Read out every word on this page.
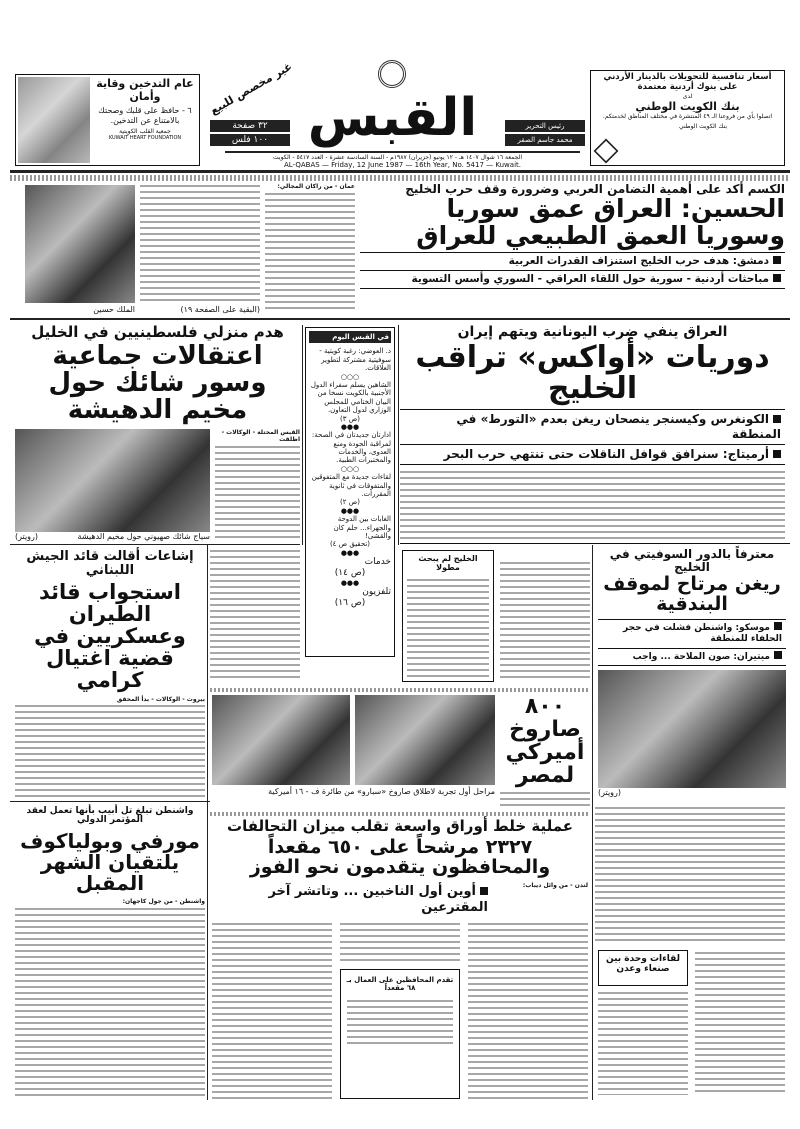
عام التدخين وقاية وأمان
٦ - حافظ على قلبك وصحتك بالامتناع عن التدخين.
جمعية القلب الكويتية
KUWAIT HEART FOUNDATION
٣٢ صفحة
١٠٠ فلس
غير مخصص للبيع القبس	رئيس التحرير
محمد جاسم الصقر
الجمعة ١٦ شوال ١٤٠٧ هـ - ١٢ يونيو (حزيران) ١٩٨٧م - السنة السادسة عشرة - العدد ٥٤١٧ - الكويت
AL-QABAS — Friday, 12 June 1987 — 16th Year, No. 5417 — Kuwait.
أسعار تنافسية للتحويلات بالدينار الأردني
على بنوك أردنية معتمدة
لدى
بنك الكويت الوطني
اتصلوا بأي من فروعنا الـ ٤٩ المنتشرة في مختلف المناطق لخدمتكم.
بنك الكويت الوطني
الكسم أكد على أهمية التضامن العربي وضرورة وقف حرب الخليج
الحسين: العراق عمق سوريا وسوريا العمق الطبيعي للعراق
دمشق: هدف حرب الخليج استنزاف القدرات العربية
مباحثات أردنية - سورية حول اللقاء العراقي - السوري وأسس التسوية
عمان - من راكان المجالي:
الملك حسين	(البقية على الصفحة ١٩)
العراق ينفي ضرب اليونانية ويتهم إيران
دوريات «أواكس» تراقب الخليج
الكونغرس وكيسنجر ينصحان ريغن بعدم «التورط» في المنطقة
أرميتاج: سنرافق قوافل الناقلات حتى تنتهي حرب البحر
في القبس اليوم
د. العوضي: رغبة كويتية - سوفيتية مشتركة لتطوير العلاقات.
○○○
الشاهين يسلم سفراء الدول الأجنبية بالكويت نسخا من البيان الختامي للمجلس الوزاري لدول التعاون.
(ص ٣)
●●●
ادارتان جديدتان في الصحة: لمراقبة الجودة ومنع العدوى، والخدمات والمختبرات الطبية.
○○○
لقاءات جديدة مع المتفوقين والمتفوقات في ثانوية المقررات.
(ص ٢)
●●●
الغابات بين الدوحة والجهراء... حلم كان والقشى!
(تحقيق ص ٤)
●●●
خدمات
(ص ١٤)
●●●
تلفزيون
(ص ١٦)
هدم منزلي فلسطينيين في الخليل
اعتقالات جماعية وسور شائك حول مخيم الدهيشة
القبس المحتلة - الوكالات - اطلقت
سياج شائك صهيوني حول مخيم الدهيشة
(رويتر)
الخليج لم يبحث مطولا
معترفاً بالدور السوفيتي في الخليج
ريغن مرتاح لموقف البندقية
موسكو: واشنطن فشلت في حجر الحلفاء للمنطقة
ميتيران: صون الملاحة ... واجب
(رويتر)
إشاعات أقالت قائد الجيش اللبناني
استجواب قائد الطيران وعسكريين في قضية اغتيال كرامي
بيروت - الوكالات - بدأ المحقق
مراحل أول تجربة لاطلاق صاروخ «سبارو» من طائرة ف - ١٦ أميركية
٨٠٠ صاروخ أميركي لمصر
واشنطن تبلغ تل أبيب بأنها تعمل لعقد المؤتمر الدولي
مورفي وبولياكوف يلتقيان الشهر المقبل
واشنطن - من جول كاجهان:
عملية خلط أوراق واسعة تقلب ميزان التحالفات
٢٣٢٧ مرشحاً على ٦٥٠ مقعداً والمحافظون يتقدمون نحو الفوز
لندن - من وائل ديباب:
أوين أول الناخبين ... وتاتشر آخر المقترعين
تقدم المحافظين على العمال بـ ٦٨ مقعداً
لقاءات وحدة بين صنعاء وعدن
